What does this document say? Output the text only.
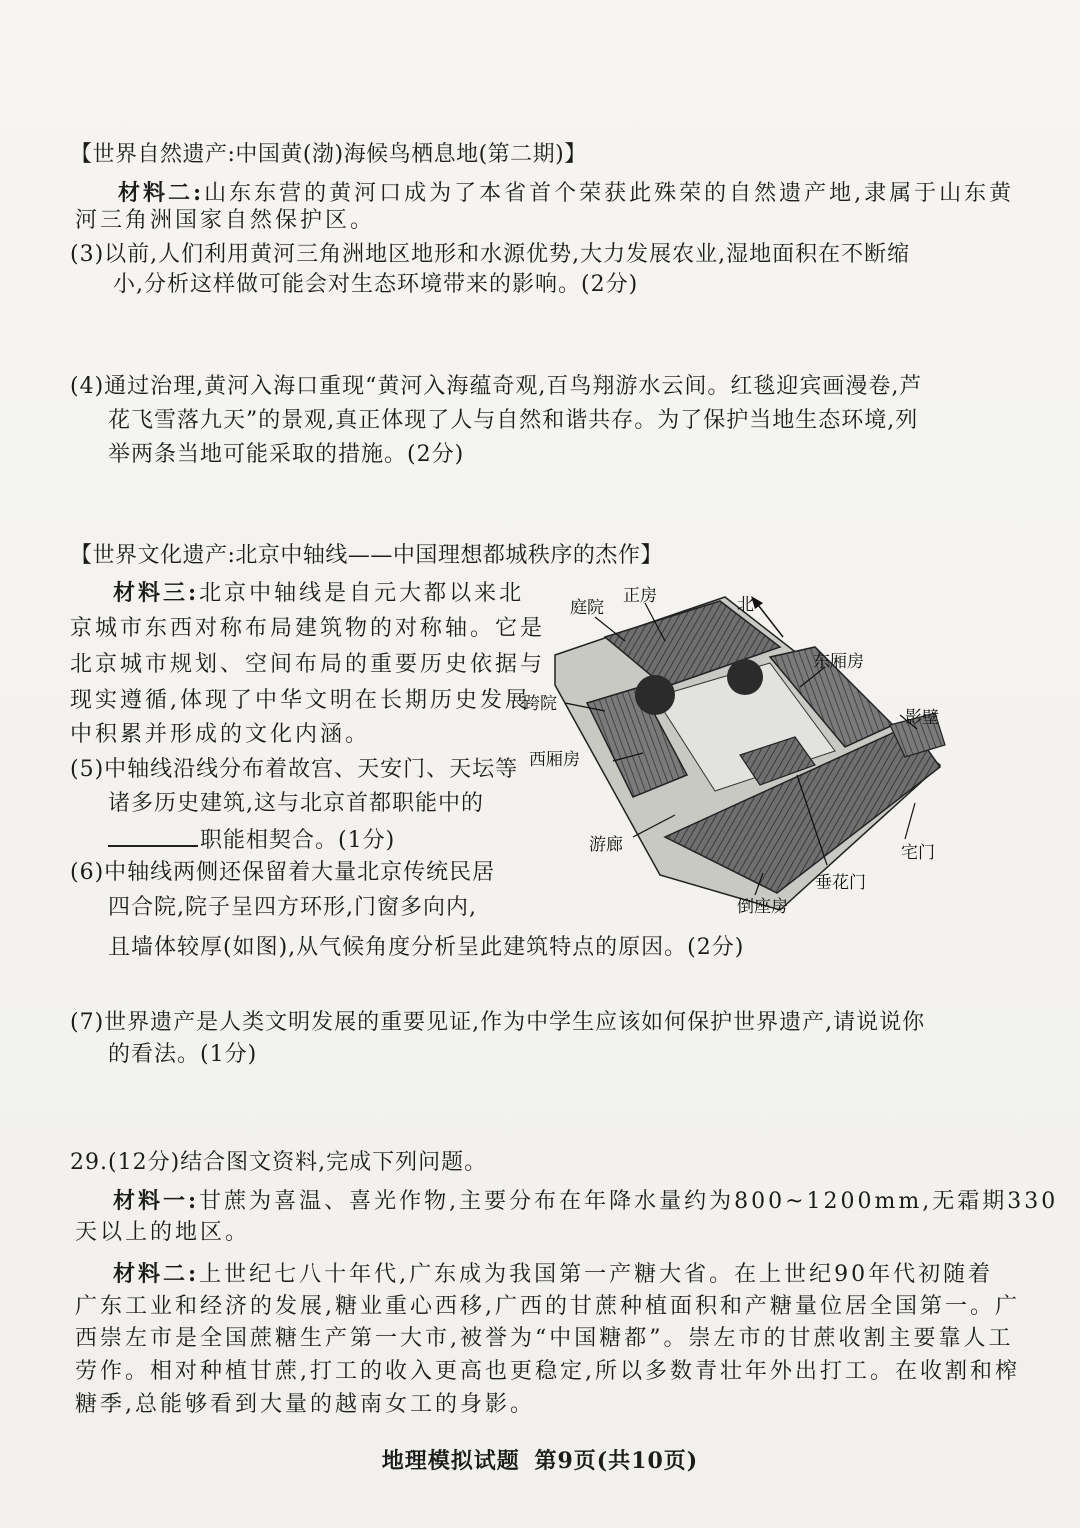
【世界自然遗产:中国黄(渤)海候鸟栖息地(第二期)】
材料二:山东东营的黄河口成为了本省首个荣获此殊荣的自然遗产地,隶属于山东黄
河三角洲国家自然保护区。
(3)以前,人们利用黄河三角洲地区地形和水源优势,大力发展农业,湿地面积在不断缩
小,分析这样做可能会对生态环境带来的影响。(2分)
(4)通过治理,黄河入海口重现“黄河入海蕴奇观,百鸟翔游水云间。红毯迎宾画漫卷,芦
花飞雪落九天”的景观,真正体现了人与自然和谐共存。为了保护当地生态环境,列
举两条当地可能采取的措施。(2分)
【世界文化遗产:北京中轴线——中国理想都城秩序的杰作】
材料三:北京中轴线是自元大都以来北
京城市东西对称布局建筑物的对称轴。它是
北京城市规划、空间布局的重要历史依据与
现实遵循,体现了中华文明在长期历史发展
中积累并形成的文化内涵。
(5)中轴线沿线分布着故宫、天安门、天坛等
诸多历史建筑,这与北京首都职能中的
职能相契合。(1分)
(6)中轴线两侧还保留着大量北京传统民居
四合院,院子呈四方环形,门窗多向内,
且墙体较厚(如图),从气候角度分析呈此建筑特点的原因。(2分)
(7)世界遗产是人类文明发展的重要见证,作为中学生应该如何保护世界遗产,请说说你
的看法。(1分)
29.(12分)结合图文资料,完成下列问题。
材料一:甘蔗为喜温、喜光作物,主要分布在年降水量约为800~1200mm,无霜期330
天以上的地区。
材料二:上世纪七八十年代,广东成为我国第一产糖大省。在上世纪90年代初随着
广东工业和经济的发展,糖业重心西移,广西的甘蔗种植面积和产糖量位居全国第一。广
西崇左市是全国蔗糖生产第一大市,被誉为“中国糖都”。崇左市的甘蔗收割主要靠人工
劳作。相对种植甘蔗,打工的收入更高也更稳定,所以多数青壮年外出打工。在收割和榨
糖季,总能够看到大量的越南女工的身影。
庭院
正房	北
东厢房
跨院
影壁
西厢房
游廊	宅门
垂花门
倒座房
地理模拟试题 第9页(共10页)
